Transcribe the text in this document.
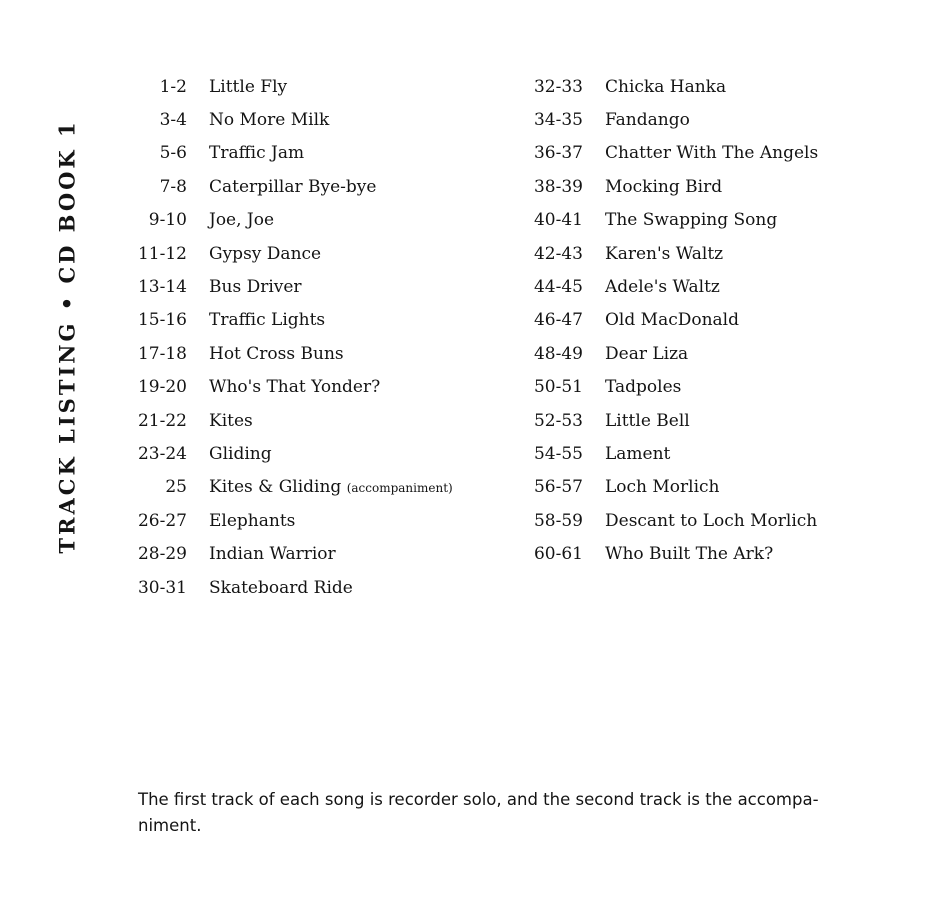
TRACK LISTING • CD BOOK 1
1-2	Little Fly
3-4	No More Milk
5-6	Traffic Jam
7-8	Caterpillar Bye-bye
9-10	Joe, Joe
11-12	Gypsy Dance
13-14	Bus Driver
15-16	Traffic Lights
17-18	Hot Cross Buns
19-20	Who's That Yonder?
21-22	Kites
23-24	Gliding
25	Kites & Gliding (accompaniment)
26-27	Elephants
28-29	Indian Warrior
30-31	Skateboard Ride
32-33	Chicka Hanka
34-35	Fandango
36-37	Chatter With The Angels
38-39	Mocking Bird
40-41	The Swapping Song
42-43	Karen's Waltz
44-45	Adele's Waltz
46-47	Old MacDonald
48-49	Dear Liza
50-51	Tadpoles
52-53	Little Bell
54-55	Lament
56-57	Loch Morlich
58-59	Descant to Loch Morlich
60-61	Who Built The Ark?
The first track of each song is recorder solo, and the second track is the accompa-
niment.
